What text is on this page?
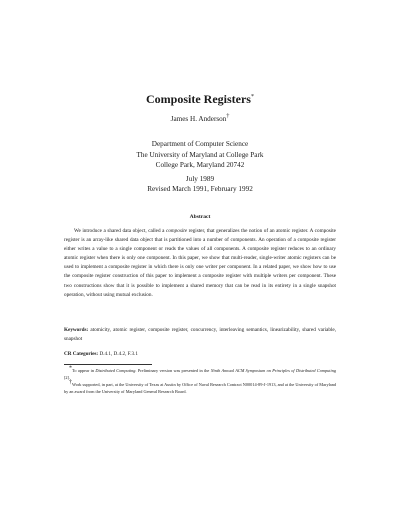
Composite Registers*
James H. Anderson†
Department of Computer Science
The University of Maryland at College Park
College Park, Maryland 20742
July 1989
Revised March 1991, February 1992
Abstract
We introduce a shared data object, called a composite register, that generalizes the notion of an atomic register. A composite register is an array-like shared data object that is partitioned into a number of components. An operation of a composite register either writes a value to a single component or reads the values of all components. A composite register reduces to an ordinary atomic register when there is only one component. In this paper, we show that multi-reader, single-writer atomic registers can be used to implement a composite register in which there is only one writer per component. In a related paper, we show how to use the composite register construction of this paper to implement a composite register with multiple writers per component. These two constructions show that it is possible to implement a shared memory that can be read in its entirety in a single snapshot operation, without using mutual exclusion.
Keywords: atomicity, atomic register, composite register, concurrency, interleaving semantics, linearizability, shared variable, snapshot
CR Categories: D.4.1, D.4.2, F.3.1

*To appear in Distributed Computing. Preliminary version was presented in the Ninth Annual ACM Symposium on Principles of Distributed Computing [2].

†Work supported, in part, at the University of Texas at Austin by Office of Naval Research Contract N00014-89-J-1913, and at the University of Maryland by an award from the University of Maryland General Research Board.
